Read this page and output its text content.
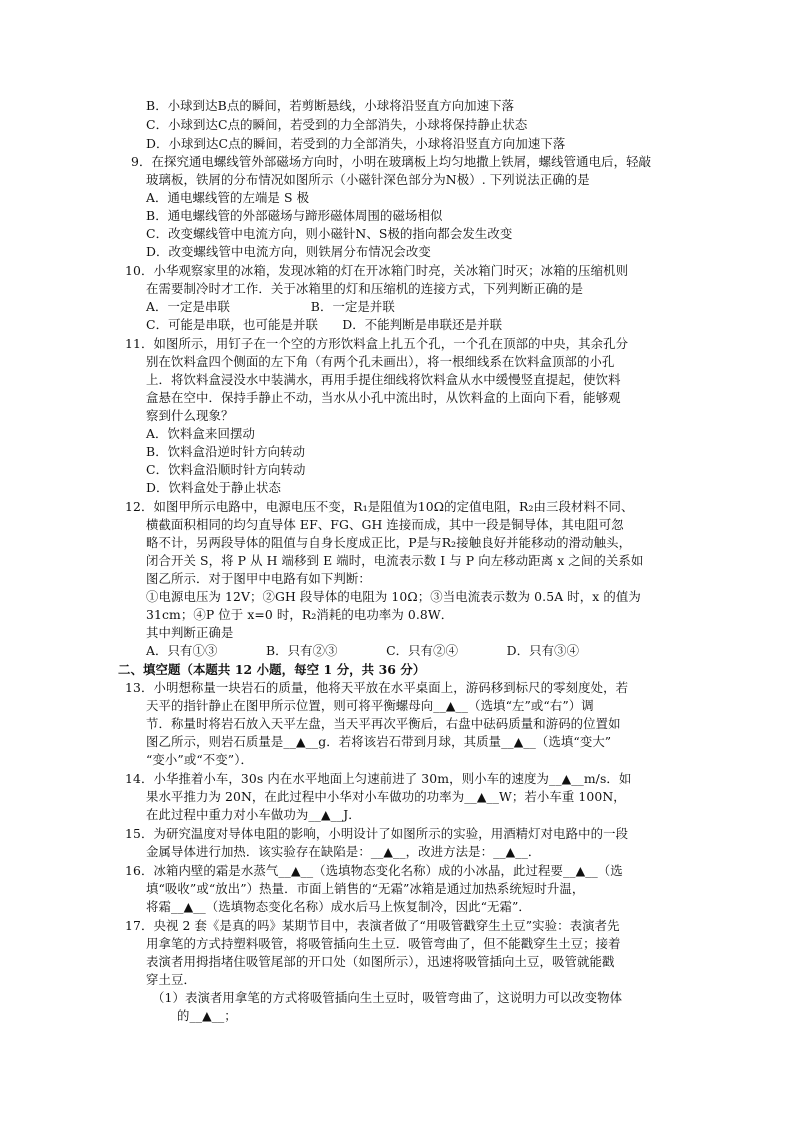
B．小球到达B点的瞬间，若剪断悬线，小球将沿竖直方向加速下落
C．小球到达C点的瞬间，若受到的力全部消失，小球将保持静止状态
D．小球到达C点的瞬间，若受到的力全部消失，小球将沿竖直方向加速下落
9．在探究通电螺线管外部磁场方向时，小明在玻璃板上均匀地撒上铁屑，螺线管通电后，轻敲
玻璃板，铁屑的分布情况如图所示（小磁针深色部分为N极）. 下列说法正确的是
A．通电螺线管的左端是 S 极
B．通电螺线管的外部磁场与蹄形磁体周围的磁场相似
C．改变螺线管中电流方向，则小磁针N、S极的指向都会发生改变
D．改变螺线管中电流方向，则铁屑分布情况会改变
10．小华观察家里的冰箱，发现冰箱的灯在开冰箱门时亮，关冰箱门时灭；冰箱的压缩机则
在需要制冷时才工作．关于冰箱里的灯和压缩机的连接方式，下列判断正确的是
A．一定是串联                    B．一定是并联
C．可能是串联，也可能是并联      D．不能判断是串联还是并联
11．如图所示，用钉子在一个空的方形饮料盒上扎五个孔，一个孔在顶部的中央，其余孔分
别在饮料盒四个侧面的左下角（有两个孔未画出），将一根细线系在饮料盒顶部的小孔
上．将饮料盒浸没水中装满水，再用手提住细线将饮料盒从水中缓慢竖直提起，使饮料
盒悬在空中．保持手静止不动，当水从小孔中流出时，从饮料盒的上面向下看，能够观
察到什么现象？
A．饮料盒来回摆动
B．饮料盒沿逆时针方向转动
C．饮料盒沿顺时针方向转动
D．饮料盒处于静止状态
12．如图甲所示电路中，电源电压不变，R₁是阻值为10Ω的定值电阻，R₂由三段材料不同、
横截面积相同的均匀直导体 EF、FG、GH 连接而成，其中一段是铜导体，其电阻可忽
略不计，另两段导体的阻值与自身长度成正比，P是与R₂接触良好并能移动的滑动触头，
闭合开关 S，将 P 从 H 端移到 E 端时，电流表示数 I 与 P 向左移动距离 x 之间的关系如
图乙所示．对于图甲中电路有如下判断：
①电源电压为 12V；②GH 段导体的电阻为 10Ω；③当电流表示数为 0.5A 时，x 的值为
31cm；④P 位于 x=0 时，R₂消耗的电功率为 0.8W．
其中判断正确是
A．只有①③            B．只有②③            C．只有②④            D．只有③④
二、填空题（本题共 12 小题，每空 1 分，共 36 分）
13．小明想称量一块岩石的质量，他将天平放在水平桌面上，游码移到标尺的零刻度处，若
天平的指针静止在图甲所示位置，则可将平衡螺母向__▲__（选填“左”或“右”）调
节．称量时将岩石放入天平左盘，当天平再次平衡后，右盘中砝码质量和游码的位置如
图乙所示，则岩石质量是__▲__g．若将该岩石带到月球，其质量__▲__（选填“变大”
“变小”或“不变”）．
14．小华推着小车，30s 内在水平地面上匀速前进了 30m，则小车的速度为__▲__m/s．如
果水平推力为 20N，在此过程中小华对小车做功的功率为__▲__W；若小车重 100N，
在此过程中重力对小车做功为__▲__J．
15．为研究温度对导体电阻的影响，小明设计了如图所示的实验，用酒精灯对电路中的一段
金属导体进行加热．该实验存在缺陷是：__▲__，改进方法是：__▲__．
16．冰箱内壁的霜是水蒸气__▲__（选填物态变化名称）成的小冰晶，此过程要__▲__（选
填“吸收”或“放出”）热量．市面上销售的“无霜”冰箱是通过加热系统短时升温，
将霜__▲__（选填物态变化名称）成水后马上恢复制冷，因此“无霜”．
17．央视 2 套《是真的吗》某期节目中，表演者做了“用吸管戳穿生土豆”实验：表演者先
用拿笔的方式持塑料吸管，将吸管插向生土豆．吸管弯曲了，但不能戳穿生土豆；接着
表演者用拇指堵住吸管尾部的开口处（如图所示），迅速将吸管插向土豆，吸管就能戳
穿土豆．
（1）表演者用拿笔的方式将吸管插向生土豆时，吸管弯曲了，这说明力可以改变物体
的__▲__；
